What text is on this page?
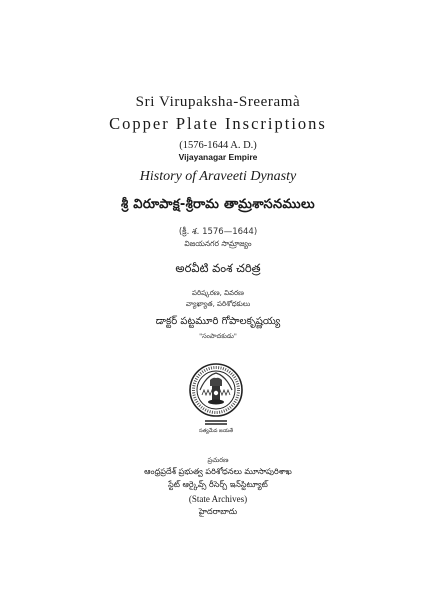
Sri Virupaksha-Sreeramà
Copper Plate Inscriptions
(1576-1644 A. D.)
Vijayanagar Empire
History of Araveeti Dynasty
శ్రీ విరూపాక్ష-శ్రీరామ తామ్రశాసనములు
(క్రీ. శ. 1576—1644)
విజయనగర సామ్రాజ్యం
అరవీటి వంశ చరిత్ర
పరిష్కరణ, వివరణ
వ్యాఖ్యాత, పరిశోధకులు
డాక్టర్ పట్టమూరి గోపాలకృష్ణయ్య
"సంపాదకుడు"
సత్యమేవ జయతే
ప్రచురణ
ఆంధ్రప్రదేశ్ ప్రభుత్వ పరిశోధనలు మూసాపురిశాఖ
స్టేట్ ఆర్కైవ్స్ రీసెర్చ్ ఇన్‌స్టిట్యూట్
(State Archives)
హైదరాబాదు
